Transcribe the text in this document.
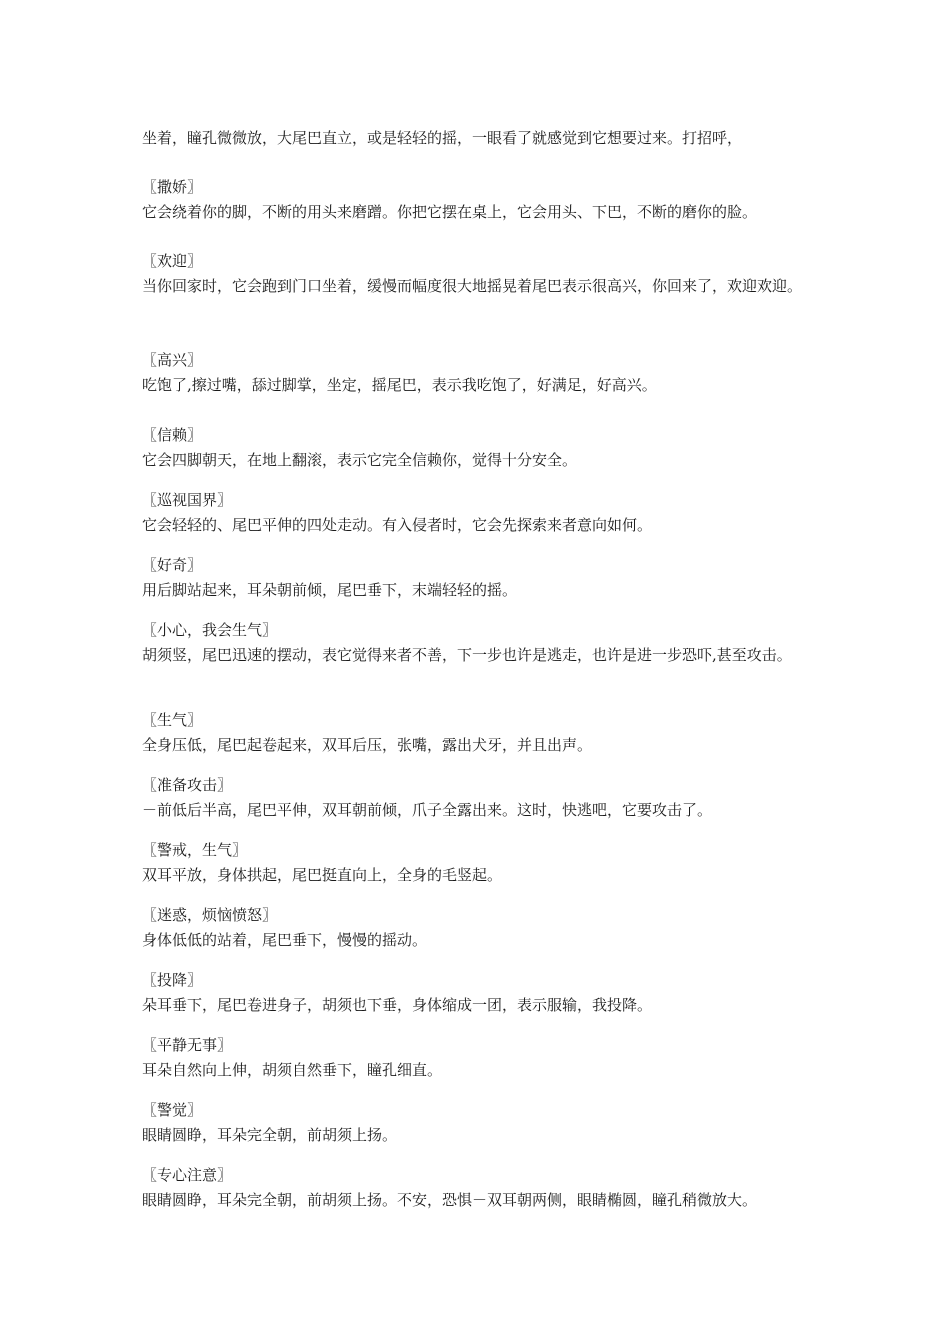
坐着，瞳孔微微放，大尾巴直立，或是轻轻的摇，一眼看了就感觉到它想要过来。打招呼，
〖撒娇〗
它会绕着你的脚，不断的用头来磨蹭。你把它摆在桌上，它会用头、下巴，不断的磨你的脸。
〖欢迎〗
当你回家时，它会跑到门口坐着，缓慢而幅度很大地摇晃着尾巴表示很高兴，你回来了，欢迎欢迎。
〖高兴〗
吃饱了,擦过嘴，舔过脚掌，坐定，摇尾巴，表示我吃饱了，好满足，好高兴。
〖信赖〗
它会四脚朝天，在地上翻滚，表示它完全信赖你，觉得十分安全。
〖巡视国界〗
它会轻轻的、尾巴平伸的四处走动。有入侵者时，它会先探索来者意向如何。
〖好奇〗
用后脚站起来，耳朵朝前倾，尾巴垂下，末端轻轻的摇。
〖小心，我会生气〗
胡须竖，尾巴迅速的摆动，表它觉得来者不善，下一步也许是逃走，也许是进一步恐吓,甚至攻击。
〖生气〗
全身压低，尾巴起卷起来，双耳后压，张嘴，露出犬牙，并且出声。
〖准备攻击〗
－前低后半高，尾巴平伸，双耳朝前倾，爪子全露出来。这时，快逃吧，它要攻击了。
〖警戒，生气〗
双耳平放，身体拱起，尾巴挺直向上，全身的毛竖起。
〖迷惑，烦恼愤怒〗
身体低低的站着，尾巴垂下，慢慢的摇动。
〖投降〗
朵耳垂下，尾巴卷进身子，胡须也下垂，身体缩成一团，表示服输，我投降。
〖平静无事〗
耳朵自然向上伸，胡须自然垂下，瞳孔细直。
〖警觉〗
眼睛圆睁，耳朵完全朝，前胡须上扬。
〖专心注意〗
眼睛圆睁，耳朵完全朝，前胡须上扬。不安，恐惧－双耳朝两侧，眼睛椭圆，瞳孔稍微放大。
